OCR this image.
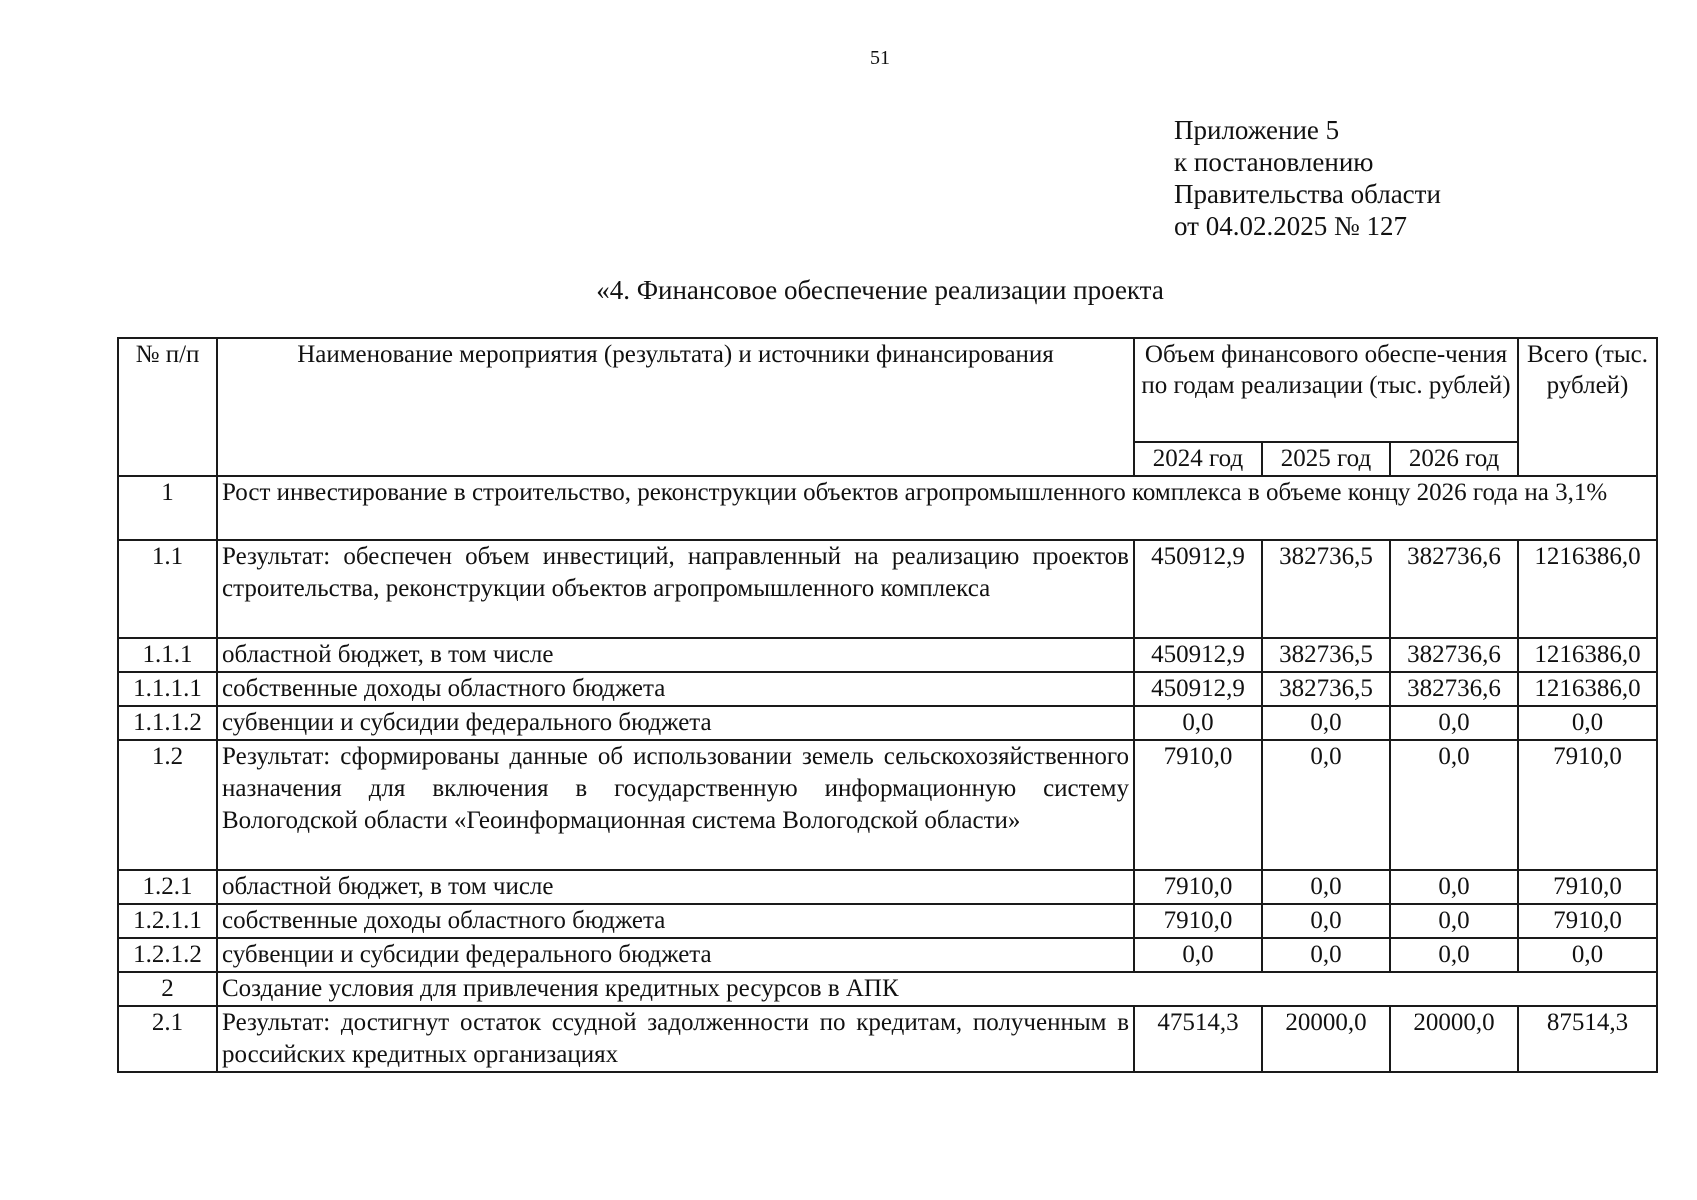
51
Приложение 5
к постановлению
Правительства области
от 04.02.2025 № 127
«4. Финансовое обеспечение реализации проекта
№ п/п	Наименование мероприятия (результата) и источники финансирования	Объем финансового обеспе-чения по годам реализации (тыс. рублей)			Всего (тыс. рублей)
		2024 год	2025 год	2026 год	
1	Рост инвестирование в строительство, реконструкции объектов агропромышленного комплекса в объеме концу 2026 года на 3,1%				
1.1	Результат: обеспечен объем инвестиций, направленный на реализацию проектов строительства, реконструкции объектов агропромышленного комплекса	450912,9	382736,5	382736,6	1216386,0
1.1.1	областной бюджет, в том числе	450912,9	382736,5	382736,6	1216386,0
1.1.1.1	собственные доходы областного бюджета	450912,9	382736,5	382736,6	1216386,0
1.1.1.2	субвенции и субсидии федерального бюджета	0,0	0,0	0,0	0,0
1.2	Результат: сформированы данные об использовании земель сельскохозяйственного назначения для включения в государственную информационную систему Вологодской области «Геоинформационная система Вологодской области»	7910,0	0,0	0,0	7910,0
1.2.1	областной бюджет, в том числе	7910,0	0,0	0,0	7910,0
1.2.1.1	собственные доходы областного бюджета	7910,0	0,0	0,0	7910,0
1.2.1.2	субвенции и субсидии федерального бюджета	0,0	0,0	0,0	0,0
2	Создание условия для привлечения кредитных ресурсов в АПК				
2.1	Результат: достигнут остаток ссудной задолженности по кредитам, полученным в российских кредитных организациях	47514,3	20000,0	20000,0	87514,3
